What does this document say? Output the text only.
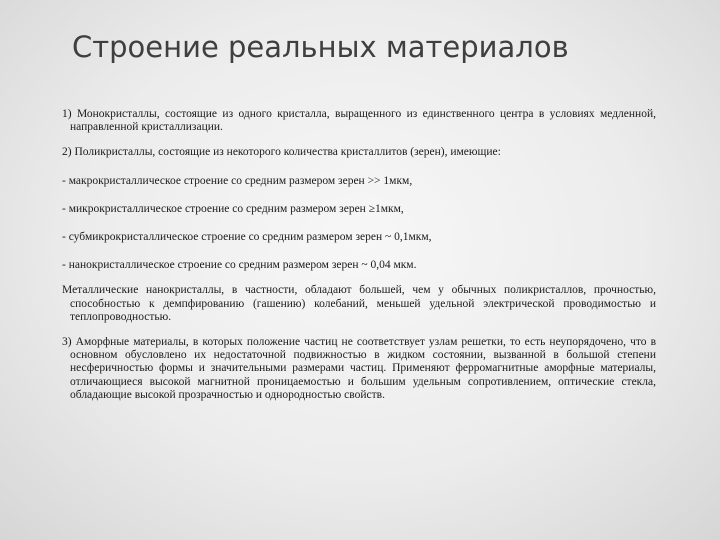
Строение реальных материалов

1) Монокристаллы, состоящие из одного кристалла, выращенного из единственного центра в условиях медленной, направленной кристаллизации.

2) Поликристаллы, состоящие из некоторого количества кристаллитов (зерен), имеющие:

- макрокристаллическое строение со средним размером зерен >> 1мкм,

- микрокристаллическое строение со средним размером зерен ≥1мкм,

- субмикрокристаллическое строение со средним размером зерен ~ 0,1мкм,

- нанокристаллическое строение со средним размером зерен ~ 0,04 мкм.

Металлические нанокристаллы, в частности, обладают большей, чем у обычных поликристаллов, прочностью, способностью к демпфированию (гашению) колебаний, меньшей удельной электрической проводимостью и теплопроводностью.

3) Аморфные материалы, в которых положение частиц не соответствует узлам решетки, то есть неупорядочено, что в основном обусловлено их недостаточной подвижностью в жидком состоянии, вызванной в большой степени несферичностью формы и значительными размерами частиц. Применяют ферромагнитные аморфные материалы, отличающиеся высокой магнитной проницаемостью и большим удельным сопротивлением, оптические стекла, обладающие высокой прозрачностью и однородностью свойств.
